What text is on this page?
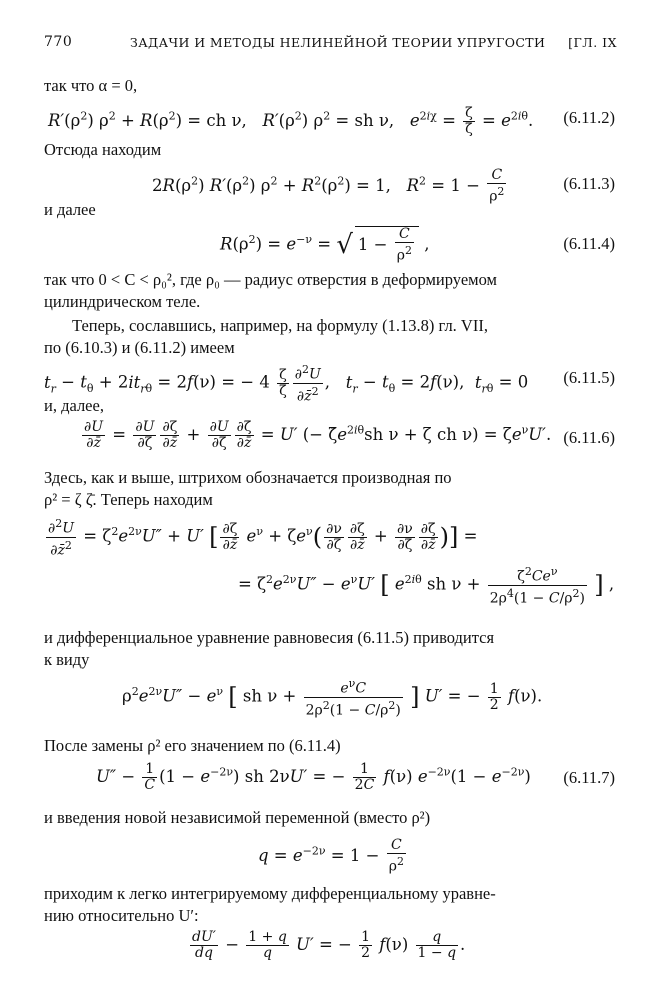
770	ЗАДАЧИ И МЕТОДЫ НЕЛИНЕЙНОЙ ТЕОРИИ УПРУГОСТИ [ГЛ. IX
так что α = 0,
$R'(\rho^2) \rho^2 + R(\rho^2)$ = ch ν,   $R'(\rho^2) \rho^2$ = sh ν,   $e^{2i\chi} = \frac{\zeta}{\zetā} = e^{2i\theta}$. (6.11.2)
Отсюда находим
$2R(\rho^2)$ $R'(\rho^2) \rho^2 + R^2(\rho^2) = 1$,   $R^2 = 1 - \frac{C}{\rho^2}$	(6.11.3)
и далее
$R(\rho^2) = e^{-\nu}$ = √ $1 - \frac{C}{\rho^2}$ ,	(6.11.4)
так что 0 < C < ρ₀², где ρ₀ — радиус отверстия в деформируемом
цилиндрическом теле.
Теперь, сославшись, например, на формулу (1.13.8) гл. VII,
по (6.10.3) и (6.11.2) имеем
$t_r - t_\theta + 2it_{r\theta} = 2f(\nu)$ = − $4 \frac{\zeta}{\zetā} \frac{\partial^2U}{\partial z̄^2}$ ,   $t_r - t_\theta = 2f(\nu)$,  $t_{r\theta} = 0$ (6.11.5)
и, далее,
$\frac{\partial U}{\partial z̄} = \frac{\partial U}{\partial\zeta} \frac{\partial\zeta}{\partial z̄} + \frac{\partial U}{\partial\zetā} \frac{\partial\zetā}{\partial z̄} = U'$ (− $\zetāe^{2i\theta}sh$ ν + ζ ch $\nu) = \zeta e^\nu U'$. (6.11.6)
Здесь, как и выше, штрихом обозначается производная по
ρ² = ζ ζ̄. Теперь находим
$\frac{\partial^2U}{\partial z̄^2} = \zeta^2e^{2\nu}U'' + U'$ [ $\frac{\partial\zeta}{\partial z̄} e^\nu + \zeta e^\nu( \frac{\partial\nu}{\partial\zeta} \frac{\partial\zeta}{\partial z̄} + \frac{\partial\nu}{\partial\zetā} \frac{\partial\zetā}{\partial z̄}$ )] =
= $\zeta^2e^{2\nu}U'' - e^\nu U'$ [ $e^{2i\theta}$ sh $\nu + \frac{\zeta^2Ce^\nu}{2\rho^4(1 - C/\rho^2)}$ ] ,
и дифференциальное уравнение равновесия (6.11.5) приводится
к виду
$\rho^2e^{2\nu}U'' - e^\nu$ [ sh $\nu + \frac{e^\nu C}{2\rho^2(1 - C/\rho^2)}$ ] U′ = − $\frac{1}{2} f(\nu)$.
После замены ρ² его значением по (6.11.4)
$U'' - \frac{1}{C} (1 - e^{-2\nu})$ sh 2νU′ = − $\frac{1}{2C} f(\nu) e^{-2\nu}(1 - e^{-2\nu})$ (6.11.7)
и введения новой независимой переменной (вместо ρ²)
$q = e^{-2\nu} = 1 - \frac{C}{\rho^2}$
приходим к легко интегрируемому дифференциальному уравне-
нию относительно U′:
$\frac{dU'}{dq} - \frac{1 + q}{q} U'$ = − $\frac{1}{2} f(\nu) \frac{q}{1 - q}$ .
